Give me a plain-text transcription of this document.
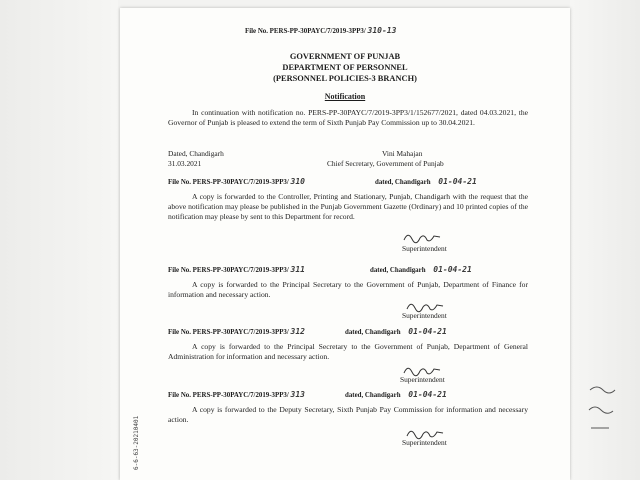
File No. PERS-PP-30PAYC/7/2019-3PP3/ 310-13
GOVERNMENT OF PUNJAB
DEPARTMENT OF PERSONNEL
(PERSONNEL POLICIES-3 BRANCH)
Notification
In continuation with notification no. PERS-PP-30PAYC/7/2019-3PP3/1/152677/2021, dated 04.03.2021, the Governor of Punjab is pleased to extend the term of Sixth Punjab Pay Commission up to 30.04.2021.
Dated, Chandigarh
31.03.2021
Vini Mahajan
Chief Secretary, Government of Punjab
File No. PERS-PP-30PAYC/7/2019-3PP3/ 310	dated, Chandigarh 01-04-21
A copy is forwarded to the Controller, Printing and Stationary, Punjab, Chandigarh with the request that the above notification may please be published in the Punjab Government Gazette (Ordinary) and 10 printed copies of the notification may please by sent to this Department for record.
Superintendent
File No. PERS-PP-30PAYC/7/2019-3PP3/ 311	dated, Chandigarh 01-04-21
A copy is forwarded to the Principal Secretary to the Government of Punjab, Department of Finance for information and necessary action.
Superintendent
File No. PERS-PP-30PAYC/7/2019-3PP3/ 312	dated, Chandigarh 01-04-21
A copy is forwarded to the Principal Secretary to the Government of Punjab, Department of General Administration for information and necessary action.
Superintendent
File No. PERS-PP-30PAYC/7/2019-3PP3/ 313	dated, Chandigarh 01-04-21
A copy is forwarded to the Deputy Secretary, Sixth Punjab Pay Commission for information and necessary action.
Superintendent
6-6-63-20210401
